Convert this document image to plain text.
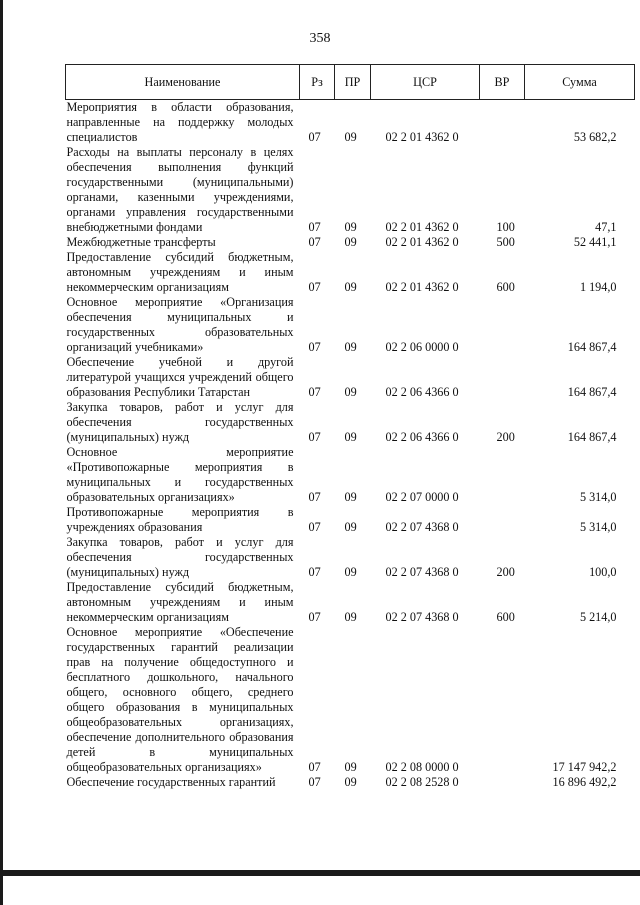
358
Наименование	Рз	ПР	ЦСР	ВР	Сумма
Мероприятия в области образования, направленные на поддержку молодых специалистов	07	09	02 2 01 4362 0		53 682,2
Расходы на выплаты персоналу в целях обеспечения выполнения функций государственными (муниципальными) органами, казенными учреждениями, органами управления государственными внебюджетными фондами	07	09	02 2 01 4362 0	100	47,1
Межбюджетные трансферты	07	09	02 2 01 4362 0	500	52 441,1
Предоставление субсидий бюджетным, автономным учреждениям и иным некоммерческим организациям	07	09	02 2 01 4362 0	600	1 194,0
Основное мероприятие «Организация обеспечения муниципальных и государственных образовательных организаций учебниками»	07	09	02 2 06 0000 0		164 867,4
Обеспечение учебной и другой литературой учащихся учреждений общего образования Республики Татарстан	07	09	02 2 06 4366 0		164 867,4
Закупка товаров, работ и услуг для обеспечения государственных (муниципальных) нужд	07	09	02 2 06 4366 0	200	164 867,4
Основное мероприятие «Противопожарные мероприятия в муниципальных и государственных образовательных организациях»	07	09	02 2 07 0000 0		5 314,0
Противопожарные мероприятия в учреждениях образования	07	09	02 2 07 4368 0		5 314,0
Закупка товаров, работ и услуг для обеспечения государственных (муниципальных) нужд	07	09	02 2 07 4368 0	200	100,0
Предоставление субсидий бюджетным, автономным учреждениям и иным некоммерческим организациям	07	09	02 2 07 4368 0	600	5 214,0
Основное мероприятие «Обеспечение государственных гарантий реализации прав на получение общедоступного и бесплатного дошкольного, начального общего, основного общего, среднего общего образования в муниципальных общеобразовательных организациях, обеспечение дополнительного образования детей в муниципальных общеобразовательных организациях»	07	09	02 2 08 0000 0		17 147 942,2
Обеспечение государственных гарантий	07	09	02 2 08 2528 0		16 896 492,2
